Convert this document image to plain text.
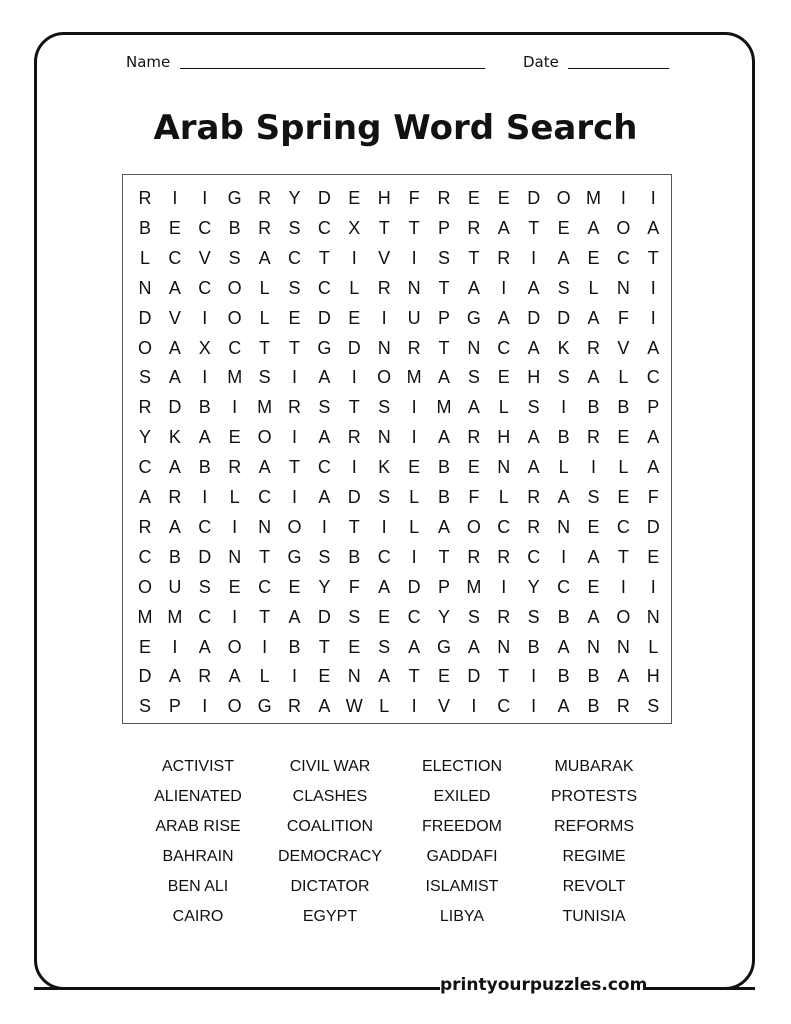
Name	Date
Arab Spring Word Search
R	I	I	G R Y D E H F R E E D O M	I	I
B E C B R S C X	T	T	P R A	T	E A O A
L	C V S A C T	I	V	I	S	T R	I	A E C T
N A C O L	S C	L	R N T	A	I	A S	L	N	I
D V	I	O L	E D E	I	U P G A D D A	F	I
O A X C T	T G D N R T N C A K R V A
S A	I	M S	I	A	I	O M A S E H S A	L	C
R D B	I	M R S	T	S	I	M A	L	S	I	B B P
Y K A E O	I	A R N	I	A R H A B R E A
C A B R A	T C	I	K E B E N A	L	I	L	A
A R	I	L	C	I	A D S	L	B	F	L	R A S E	F
R A C	I	N O	I	T	I	L	A O C R N E C D
C B D N T G S B C	I	T R R C	I	A	T	E
O U S E C E Y	F	A D P M	I	Y C E	I	I
M M C	I	T	A D S E C Y S R S B A O N
E	I	A O	I	B	T	E S A G A N B A N N	L
D A R A	L	I	E N A	T	E D T	I	B B A H
S P	I	O G R A W L	I	V	I	C	I	A B R S
ACTIVIST	CIVIL WAR	ELECTION	MUBARAK
ALIENATED	CLASHES	EXILED	PROTESTS
ARAB RISE	COALITION	FREEDOM	REFORMS
BAHRAIN	DEMOCRACY	GADDAFI	REGIME
BEN ALI	DICTATOR	ISLAMIST	REVOLT
CAIRO	EGYPT	LIBYA	TUNISIA
printyourpuzzles.com
